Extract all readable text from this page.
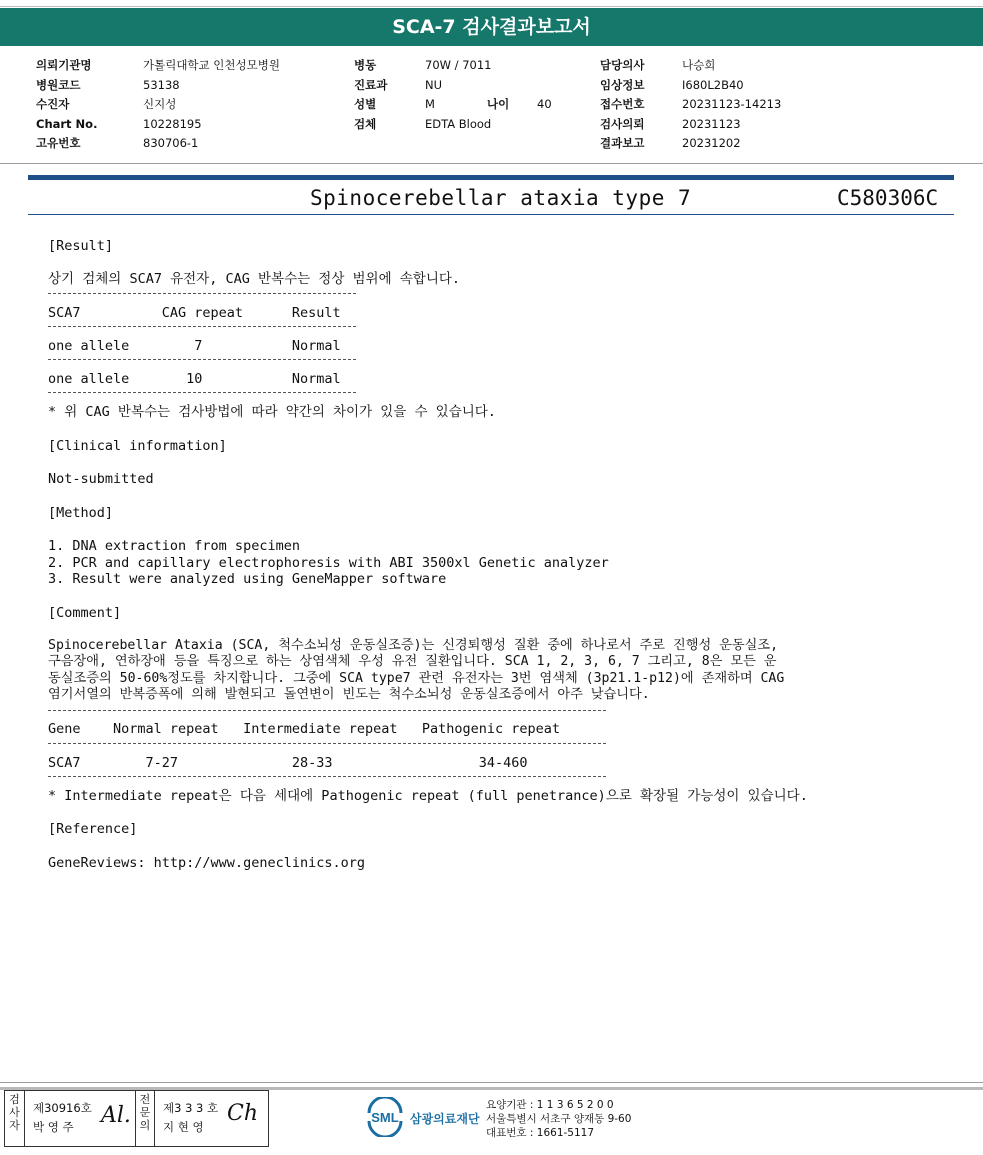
SCA-7 검사결과보고서
의뢰기관명	가톨릭대학교 인천성모병원
병원코드	53138
수진자	신지성
Chart No.	10228195
고유번호	830706-1
병동	70W / 7011
진료과	NU
성별	M	나이 40
검체	EDTA Blood
담당의사	나승희
임상정보	I680L2B40
접수번호	20231123-14213
검사의뢰	20231123
결과보고	20231202
Spinocerebellar ataxia type 7	C580306C
[Result]
상기 검체의 SCA7 유전자, CAG 반복수는 정상 범위에 속합니다.
SCA7          CAG repeat      Result
one allele        7           Normal
one allele       10           Normal
* 위 CAG 반복수는 검사방법에 따라 약간의 차이가 있을 수 있습니다.
[Clinical information]
Not-submitted
[Method]
1. DNA extraction from specimen
2. PCR and capillary electrophoresis with ABI 3500xl Genetic analyzer
3. Result were analyzed using GeneMapper software
[Comment]
Spinocerebellar Ataxia (SCA, 척수소뇌성 운동실조증)는 신경퇴행성 질환 중에 하나로서 주로 진행성 운동실조,
구음장애, 연하장애 등을 특징으로 하는 상염색체 우성 유전 질환입니다. SCA 1, 2, 3, 6, 7 그리고, 8은 모든 운
동실조증의 50-60%정도를 차지합니다. 그중에 SCA type7 관련 유전자는 3번 염색체 (3p21.1-p12)에 존재하며 CAG
염기서열의 반복증폭에 의해 발현되고 돌연변이 빈도는 척수소뇌성 운동실조증에서 아주 낮습니다.
Gene    Normal repeat   Intermediate repeat   Pathogenic repeat
SCA7        7-27              28-33                  34-460
* Intermediate repeat은 다음 세대에 Pathogenic repeat (full penetrance)으로 확장될 가능성이 있습니다.
[Reference]
GeneReviews: http://www.geneclinics.org
검
사
자
제30916호
박 영 주	Al.
전
문
의
제3 3 3 호
지 현 영
Ch	SML 삼광의료재단
요양기관 : 1 1 3 6 5 2 0 0
서울특별시 서초구 양재동 9-60
대표번호 : 1661-5117
